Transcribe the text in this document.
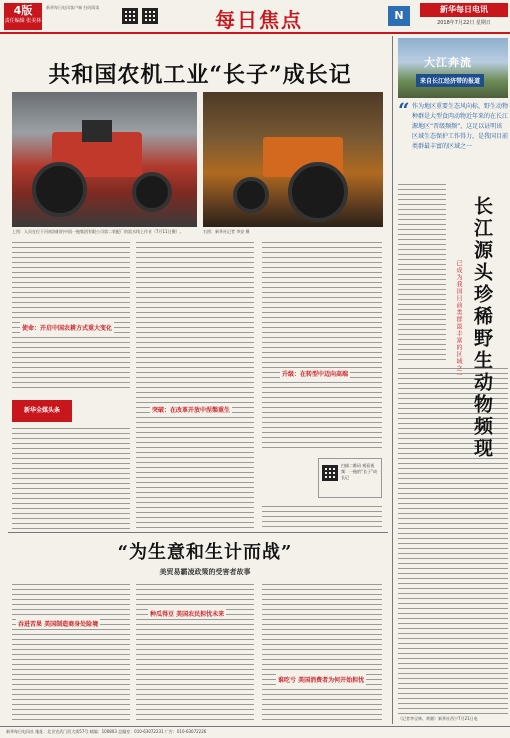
4版
责任编辑 张美林
新华每日电讯客户端 扫码阅读
每日焦点	N	新华每日电讯
2018年7月22日 星期日
共和国农机工业“长子”成长记
上图：人员在位于河南洛阳的中国一拖集团有限公司第二装配厂的流水线上作业（7月11日摄）。	右图：新华社记者 李安 摄
使命：开启中国农耕方式重大变化
突破：在改革开放中涅槃重生
升级：在转型中迈向高端
新华全媒头条
扫描二维码 观看视频：一拖的“长子”成长记
“为生意和生计而战”
美贸易霸凌政策的受害者故事
吞进苦果 美国制造商身处险境
种瓜得豆 美国农民担忧未来
谁吃亏 美国消费者为何开始担忧
大江奔流
来自长江经济带的报道
“ 作为地区重要生态风向标，野生动物种群是大型食肉动物近年来的在长江源地区“晋级频频”，这足以证明该区域生态保护工作得力，是我国目前类群最丰富的区域之一
已成为我国目前类群最丰富的区域之一 长江源头珍稀野生动物频现
（记者李宝林、黄湘）新华社西宁7月21日电
新华每日电讯社 地址：北京宣武门西大街57号 邮编：100803 总编室：010-63072231 广告：010-63072226
